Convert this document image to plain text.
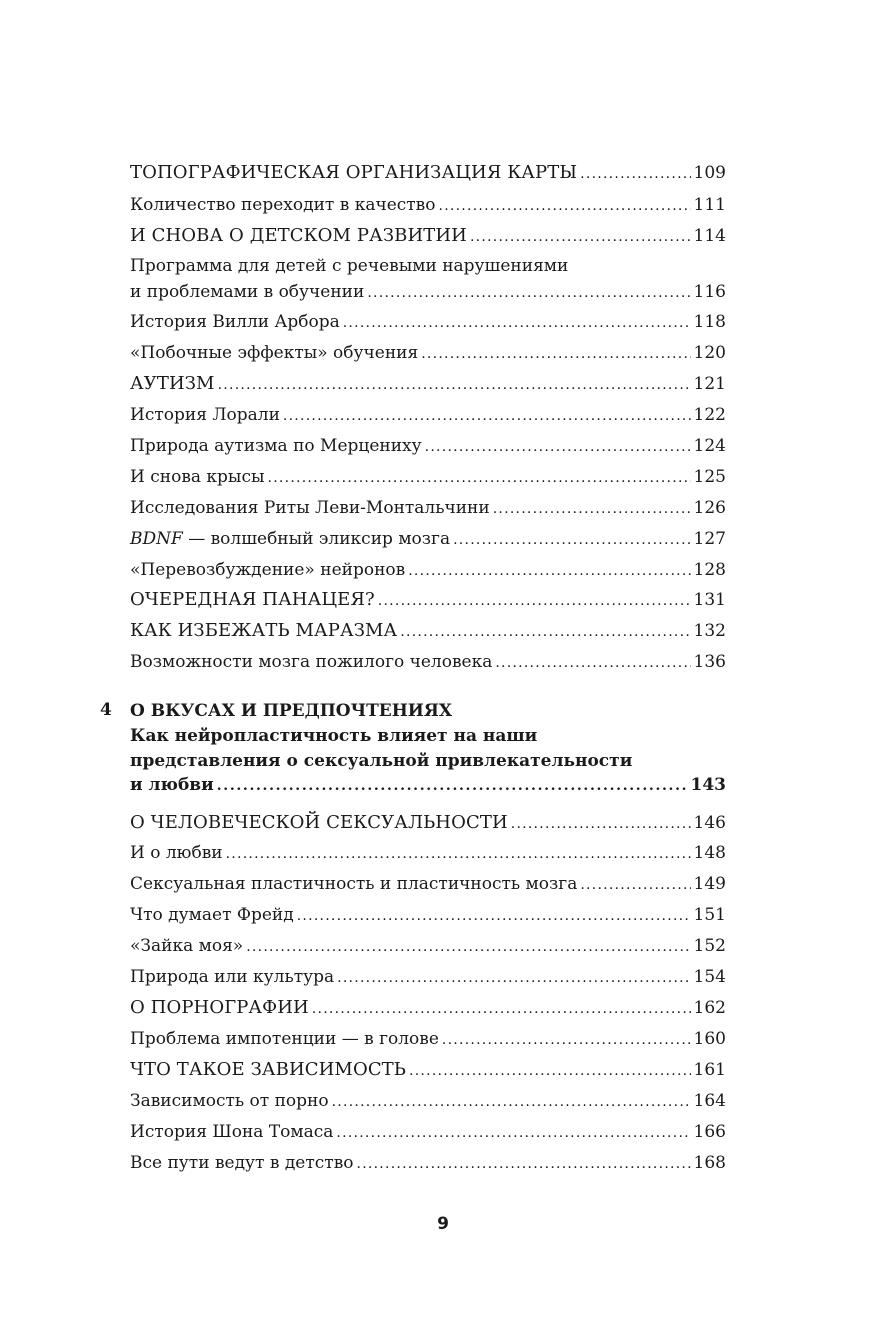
ТОПОГРАФИЧЕСКАЯ ОРГАНИЗАЦИЯ КАРТЫ . . .	109
Количество переходит в качество . . .	111
И СНОВА О ДЕТСКОМ РАЗВИТИИ . . .	114
Программа для детей с речевыми нарушениями
и проблемами в обучении . . .	116
История Вилли Арбора . . .	118
«Побочные эффекты» обучения . . .	120
АУТИЗМ . . .	121
История Лорали . . .	122
Природа аутизма по Мерцениху . . .	124
И снова крысы . . .	125
Исследования Риты Леви-Монтальчини . . .	126
BDNF — волшебный эликсир мозга . . .	127
«Перевозбуждение» нейронов . . .	128
ОЧЕРЕДНАЯ ПАНАЦЕЯ? . . .	131
КАК ИЗБЕЖАТЬ МАРАЗМА . . .	132
Возможности мозга пожилого человека . . .	136
О ВКУСАХ И ПРЕДПОЧТЕНИЯХ
Как нейропластичность влияет на наши
представления о сексуальной привлекательности
и любви . . .	143
О ЧЕЛОВЕЧЕСКОЙ СЕКСУАЛЬНОСТИ . . .	146
И о любви . . .	148
Сексуальная пластичность и пластичность мозга . . .	149
Что думает Фрейд . . .	151
«Зайка моя» . . .	152
Природа или культура . . .	154
О ПОРНОГРАФИИ . . .	162
Проблема импотенции — в голове . . .	160
ЧТО ТАКОЕ ЗАВИСИМОСТЬ . . .	161
Зависимость от порно . . .	164
История Шона Томаса . . .	166
Все пути ведут в детство . . .	168
4
9
